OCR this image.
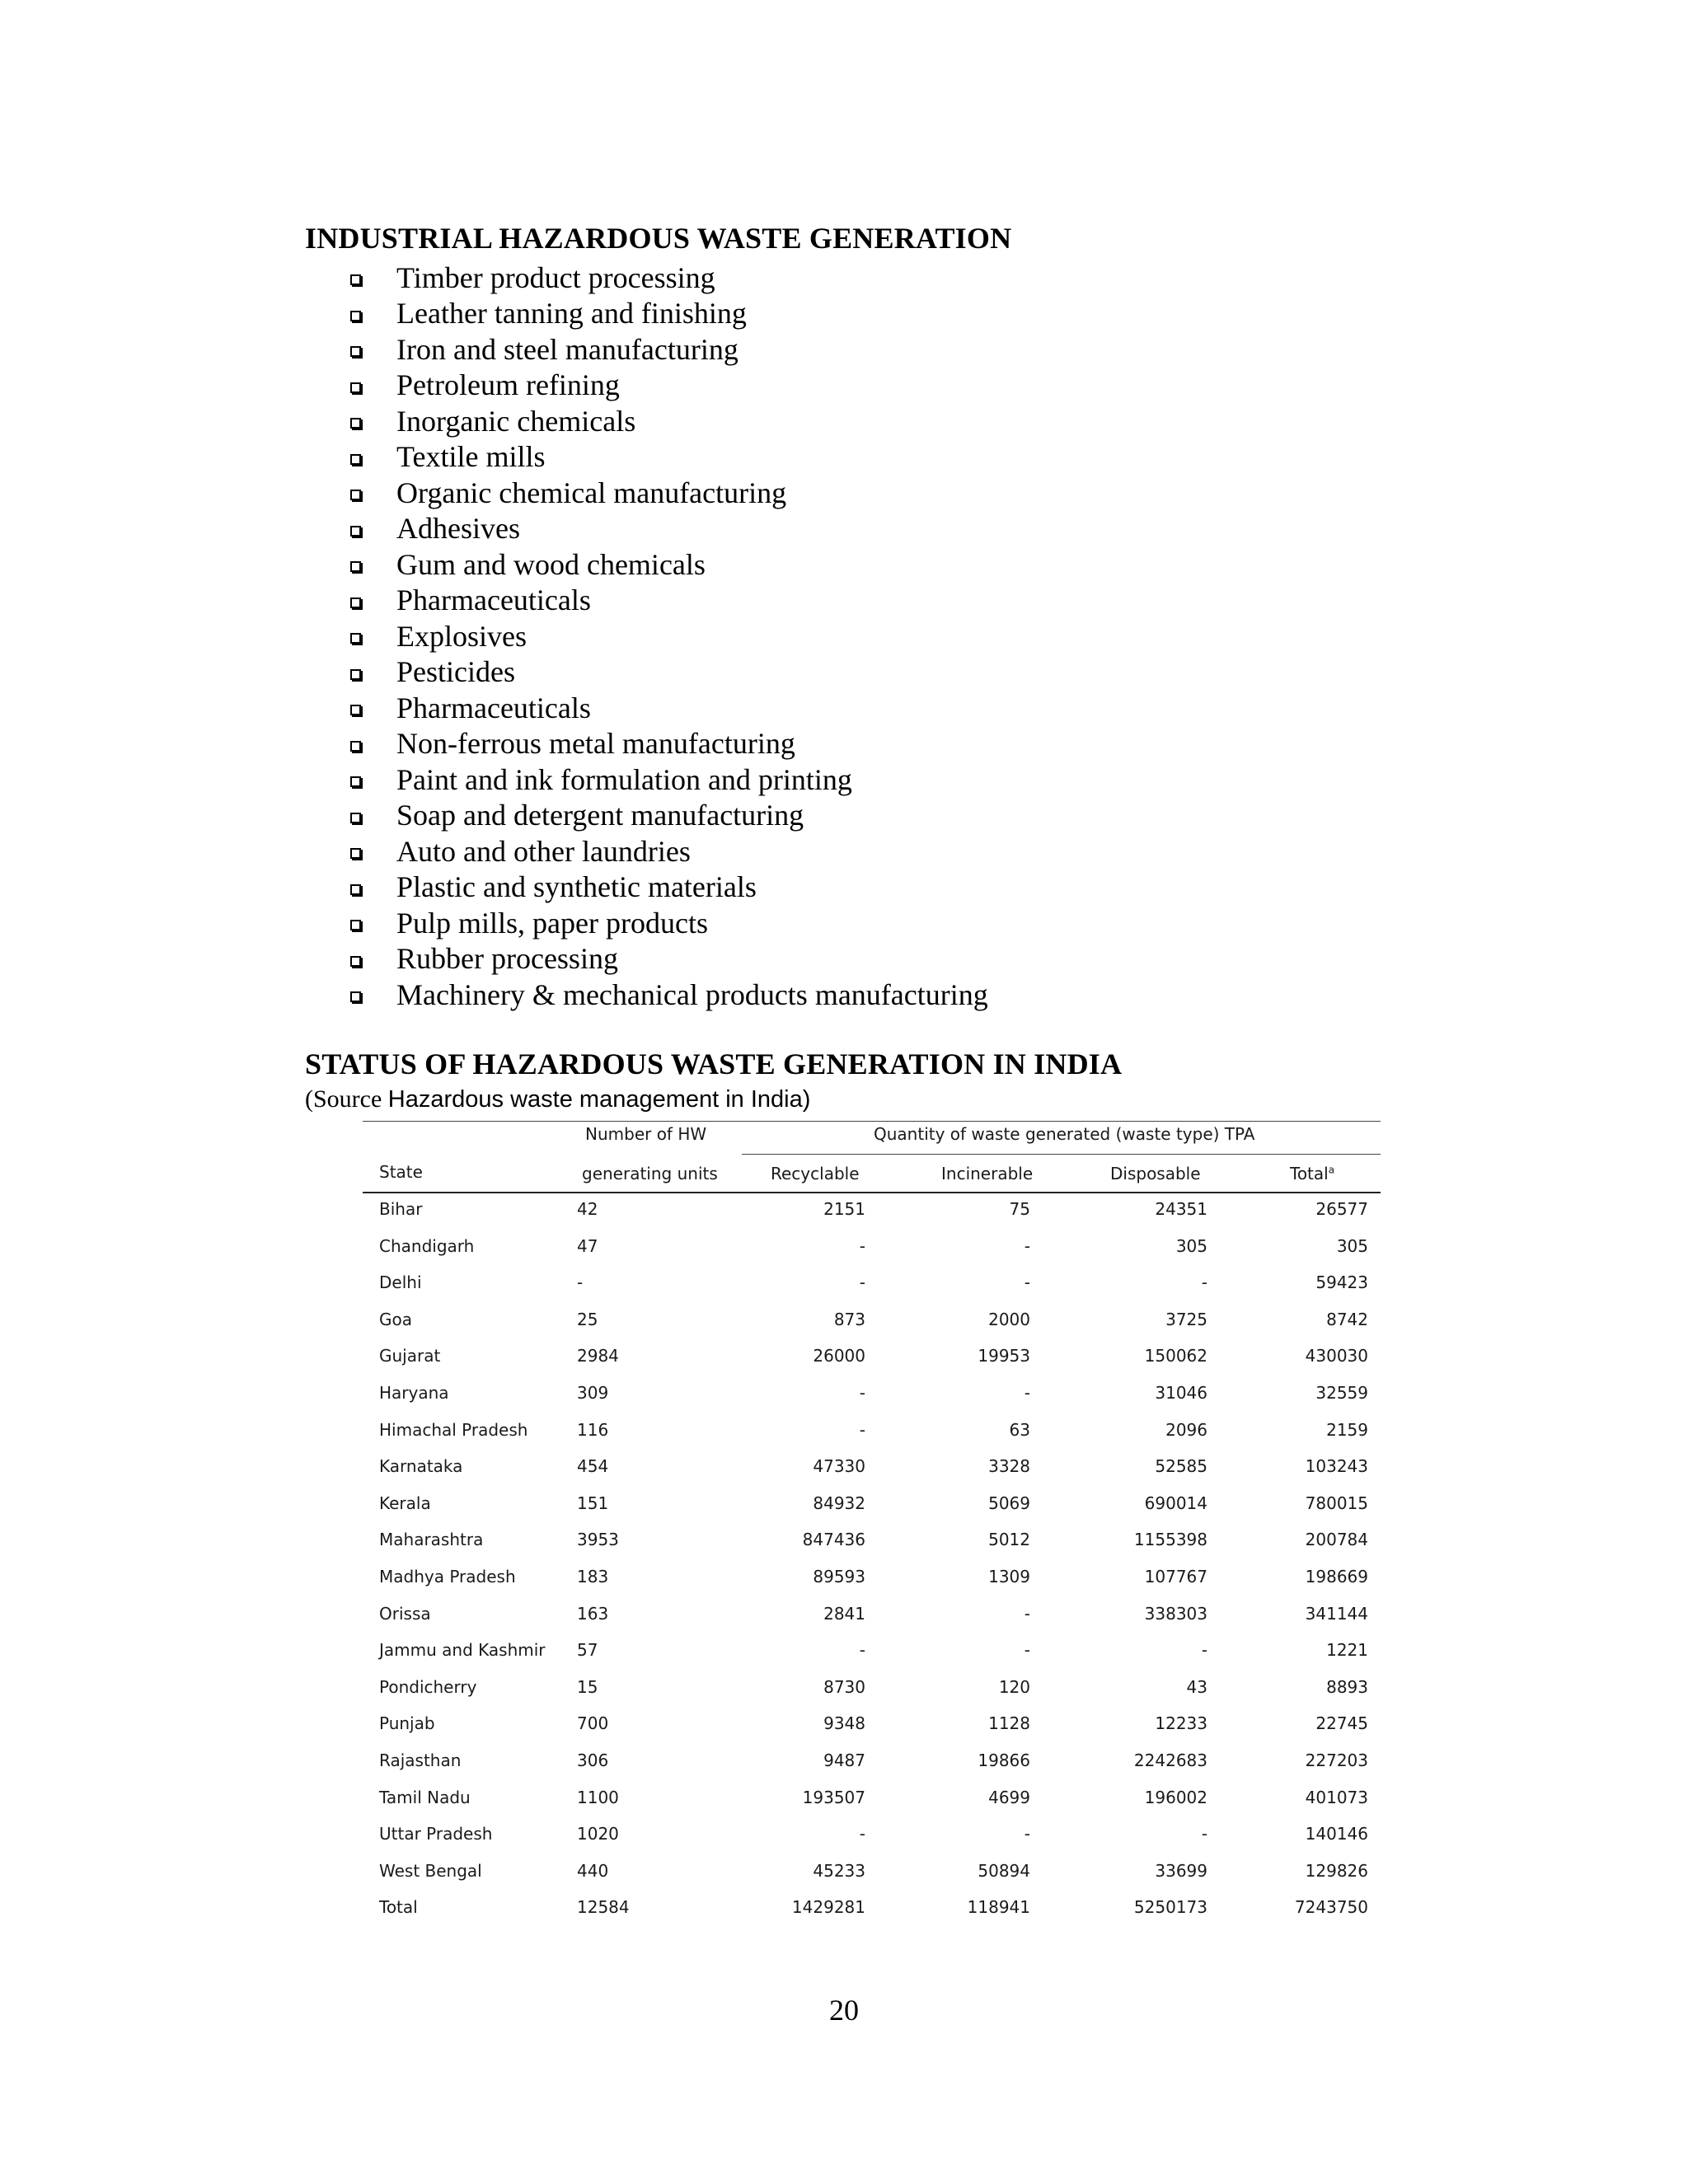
INDUSTRIAL HAZARDOUS WASTE GENERATION
Timber product processing
Leather tanning and finishing
Iron and steel manufacturing
Petroleum refining
Inorganic chemicals
Textile mills
Organic chemical manufacturing
Adhesives
Gum and wood chemicals
Pharmaceuticals
Explosives
Pesticides
Pharmaceuticals
Non-ferrous metal manufacturing
Paint and ink formulation and printing
Soap and detergent manufacturing
Auto and other laundries
Plastic and synthetic materials
Pulp mills, paper products
Rubber processing
Machinery & mechanical products manufacturing
STATUS OF HAZARDOUS WASTE GENERATION IN INDIA
(Source Hazardous waste management in India)
Number of HW	Quantity of waste generated (waste type) TPA
State	generating units	Recyclable	Incinerable	Disposable	Total$^a$
Bihar	42	2151	75	24351	26577
Chandigarh	47	-	-	305	305
Delhi	-	-	-	-	59423
Goa	25	873	2000	3725	8742
Gujarat	2984	26000	19953	150062	430030
Haryana	309	-	-	31046	32559
Himachal Pradesh	116	-	63	2096	2159
Karnataka	454	47330	3328	52585	103243
Kerala	151	84932	5069	690014	780015
Maharashtra	3953	847436	5012	1155398	200784
Madhya Pradesh	183	89593	1309	107767	198669
Orissa	163	2841	-	338303	341144
Jammu and Kashmir	57	-	-	-	1221
Pondicherry	15	8730	120	43	8893
Punjab	700	9348	1128	12233	22745
Rajasthan	306	9487	19866	2242683	227203
Tamil Nadu	1100	193507	4699	196002	401073
Uttar Pradesh	1020	-	-	-	140146
West Bengal	440	45233	50894	33699	129826
Total	12584	1429281	118941	5250173	7243750
20
